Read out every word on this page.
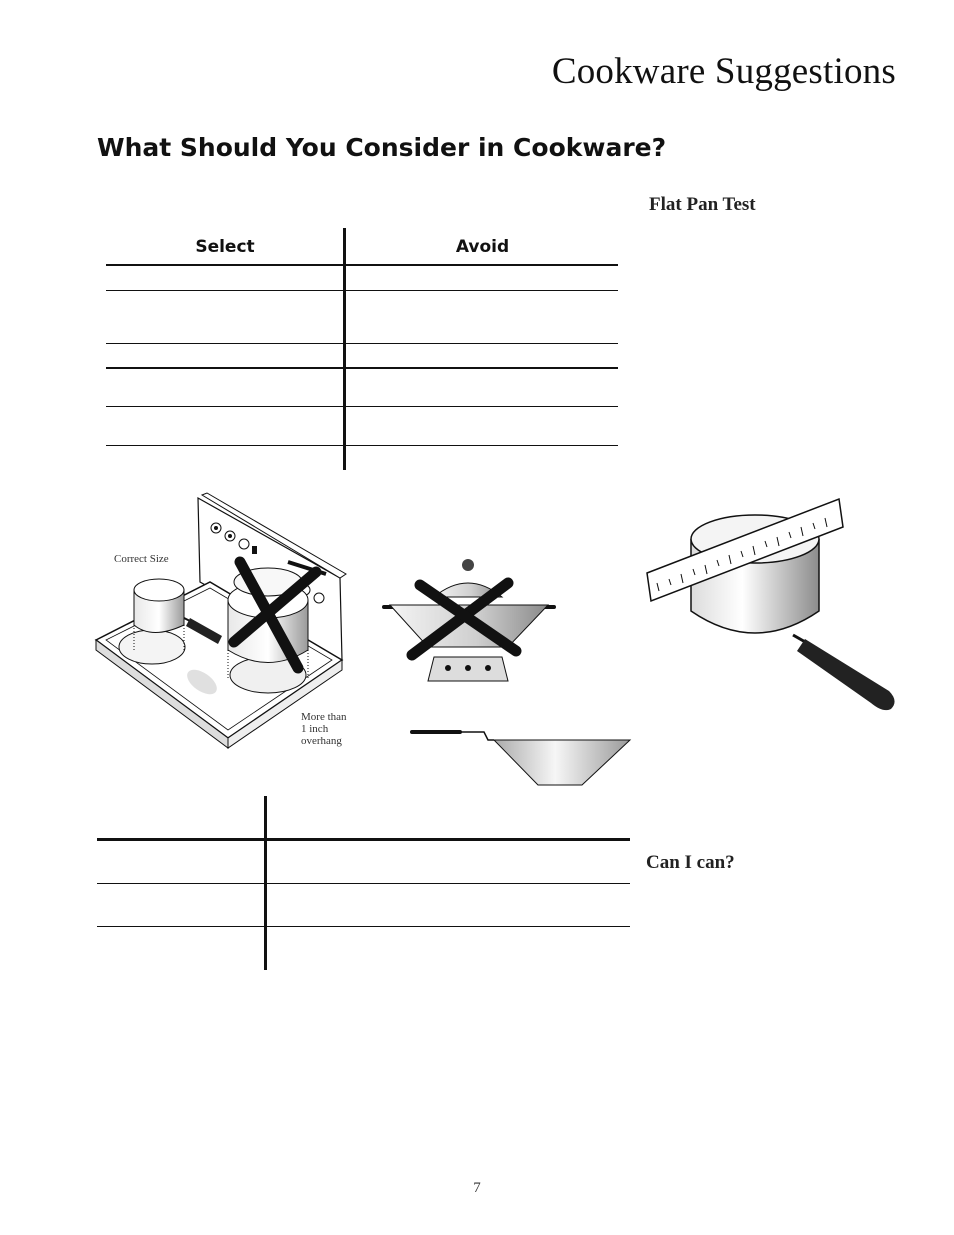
Cookware Suggestions
What Should You Consider in Cookware?
Flat Pan Test
Can I can?
Select	Avoid
Correct Size
More than
1 inch
overhang
7
